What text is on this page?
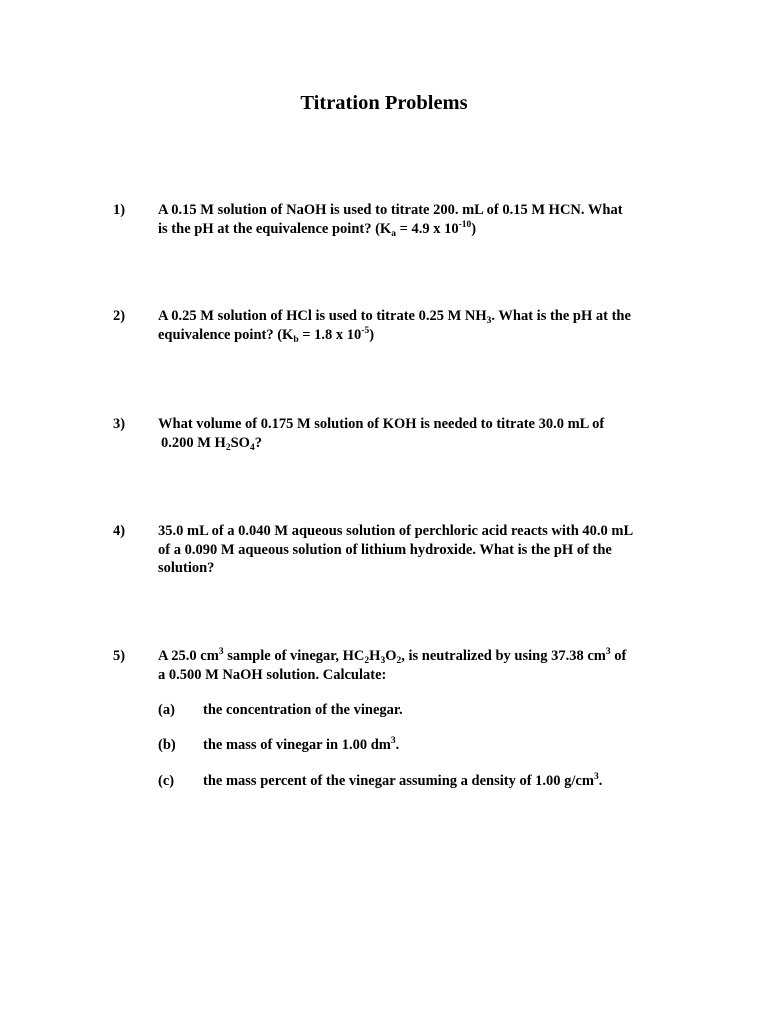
Titration Problems
1) A 0.15 M solution of NaOH is used to titrate 200. mL of 0.15 M HCN. What
is the pH at the equivalence point? ($K_a = 4.9$ x $10^{-10}$)
2) A 0.25 M solution of HCl is used to titrate 0.25 M $NH_3$. What is the pH at the
equivalence point? ($K_b = 1.8$ x $10^{-5}$)
3) What volume of 0.175 M solution of KOH is needed to titrate 30.0 mL of
0.200 M $H_2SO_4$?
4) 35.0 mL of a 0.040 M aqueous solution of perchloric acid reacts with 40.0 mL
of a 0.090 M aqueous solution of lithium hydroxide. What is the pH of the
solution?
5) A 25.0 $cm^3$ sample of vinegar, $HC_2H_3O_2$, is neutralized by using 37.38 $cm^3$ of
a 0.500 M NaOH solution. Calculate:
(a) the concentration of the vinegar.
(b) the mass of vinegar in 1.00 $dm^3$.
(c) the mass percent of the vinegar assuming a density of 1.00 $g/cm^3$.
